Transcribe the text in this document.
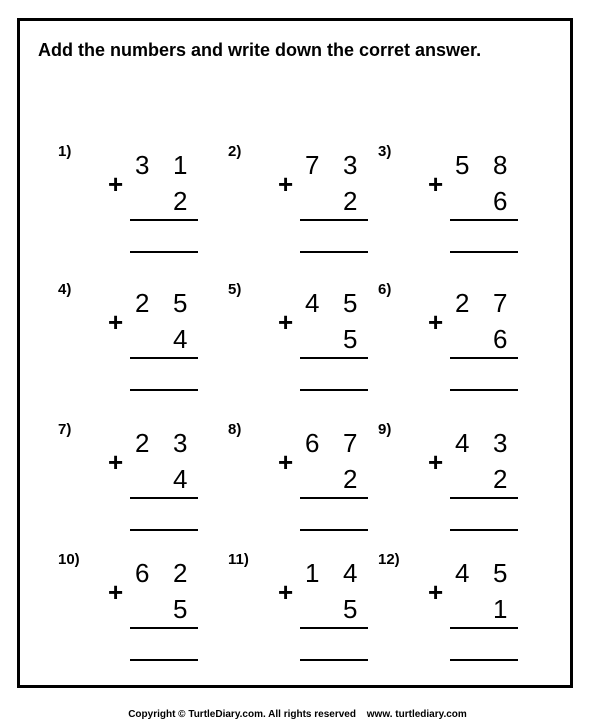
Add the numbers and write down the corret answer.
1)
+
3 1
2
2)
+
7 3
2
3)
+
5 8
6
4)
+
2 5
4
5)
+
4 5
5
6)
+
2 7
6
7)
+
2 3
4
8)
+
6 7
2
9)
+
4 3
2
10)
+
6 2
5
11)
+
1 4
5
12)
+
4 5
1
Copyright © TurtleDiary.com. All rights reserved www. turtlediary.com
